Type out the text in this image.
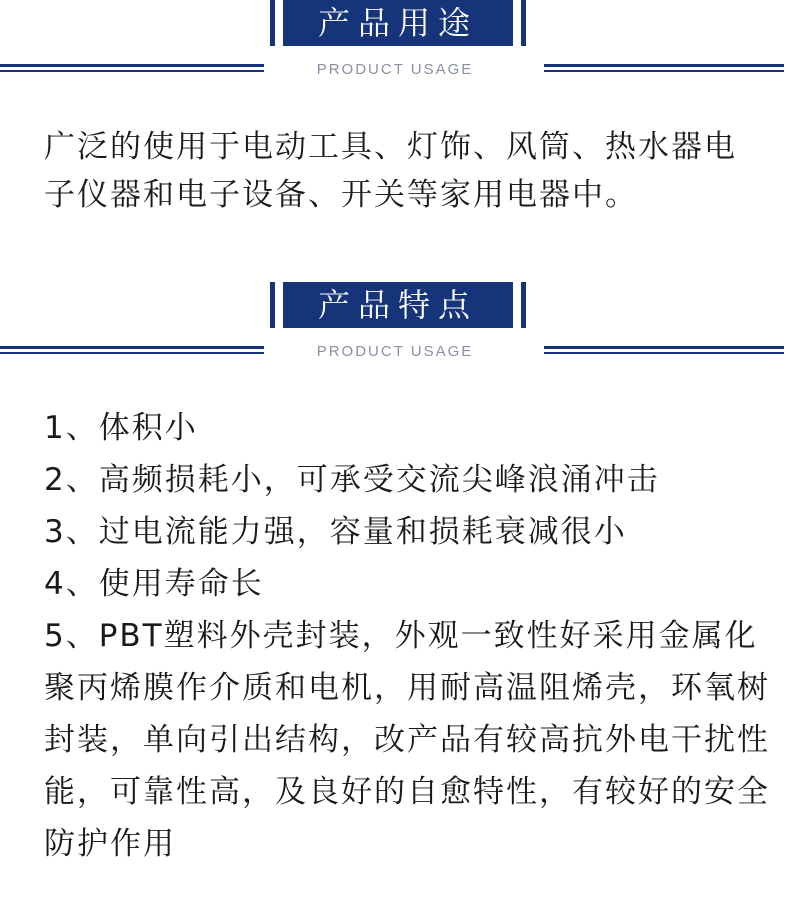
产品用途
PRODUCT USAGE
广泛的使用于电动工具、灯饰、风筒、热水器电子仪器和电子设备、开关等家用电器中。
产品特点
PRODUCT USAGE
1、体积小
2、高频损耗小，可承受交流尖峰浪涌冲击
3、过电流能力强，容量和损耗衰减很小
4、使用寿命长
5、PBT塑料外壳封装，外观一致性好采用金属化聚丙烯膜作介质和电机，用耐高温阻烯壳，环氧树封装，单向引出结构，改产品有较高抗外电干扰性能，可靠性高，及良好的自愈特性，有较好的安全防护作用
